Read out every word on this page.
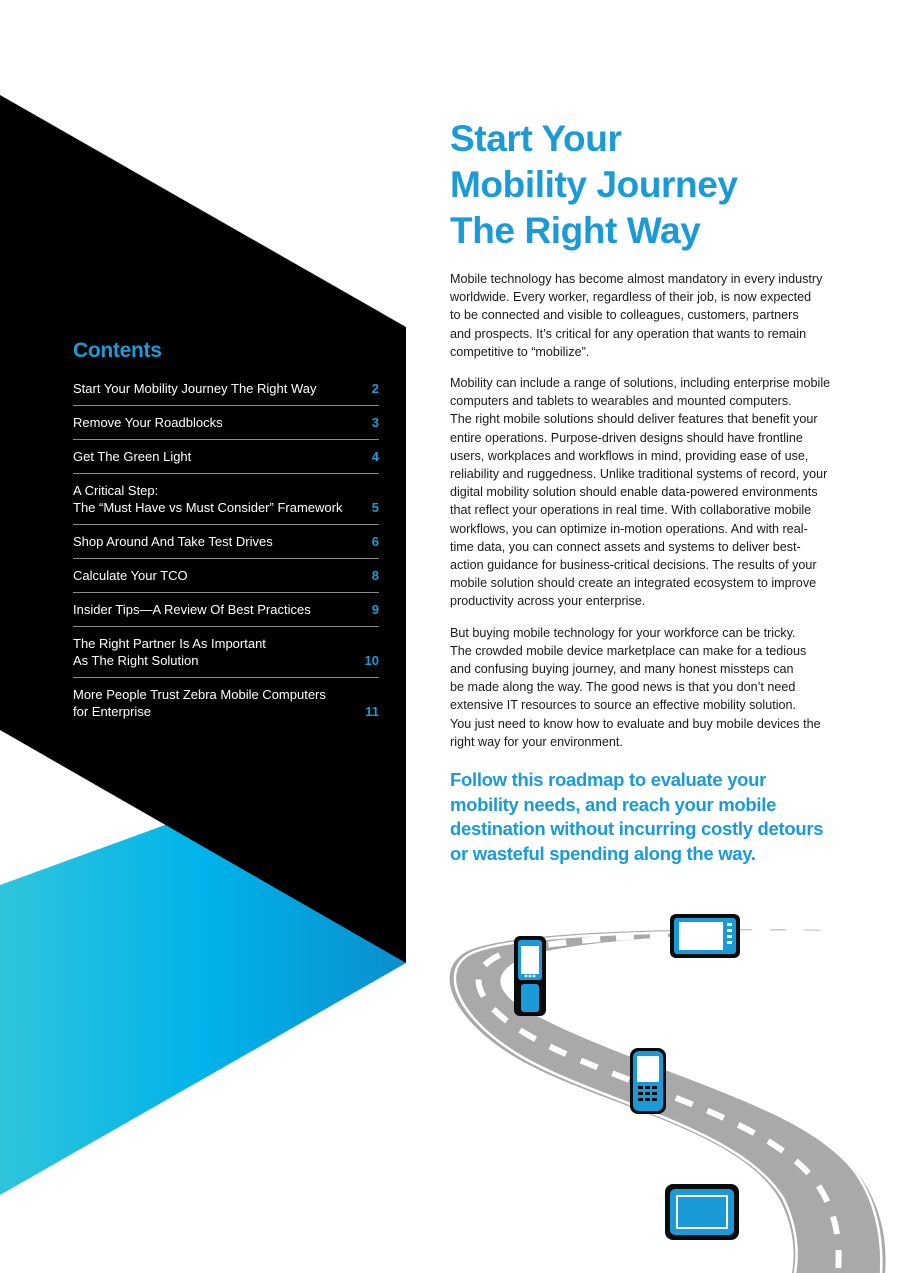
Contents
Start Your Mobility Journey The Right Way	2
Remove Your Roadblocks	3
Get The Green Light	4
A Critical Step:
The “Must Have vs Must Consider” Framework	5
Shop Around And Take Test Drives	6
Calculate Your TCO	8
Insider Tips—A Review Of Best Practices	9
The Right Partner Is As Important
As The Right Solution	10
More People Trust Zebra Mobile Computers
for Enterprise	11
Start Your
Mobility Journey
The Right Way

Mobile technology has become almost mandatory in every industry
worldwide. Every worker, regardless of their job, is now expected
to be connected and visible to colleagues, customers, partners
and prospects. It’s critical for any operation that wants to remain
competitive to “mobilize”.

Mobility can include a range of solutions, including enterprise mobile
computers and tablets to wearables and mounted computers.
The right mobile solutions should deliver features that benefit your
entire operations. Purpose-driven designs should have frontline
users, workplaces and workflows in mind, providing ease of use,
reliability and ruggedness. Unlike traditional systems of record, your
digital mobility solution should enable data-powered environments
that reflect your operations in real time. With collaborative mobile
workflows, you can optimize in-motion operations. And with real-
time data, you can connect assets and systems to deliver best-
action guidance for business-critical decisions. The results of your
mobile solution should create an integrated ecosystem to improve
productivity across your enterprise.

But buying mobile technology for your workforce can be tricky.
The crowded mobile device marketplace can make for a tedious
and confusing buying journey, and many honest missteps can
be made along the way. The good news is that you don’t need
extensive IT resources to source an effective mobility solution.
You just need to know how to evaluate and buy mobile devices the
right way for your environment.

Follow this roadmap to evaluate your
mobility needs, and reach your mobile
destination without incurring costly detours
or wasteful spending along the way.
